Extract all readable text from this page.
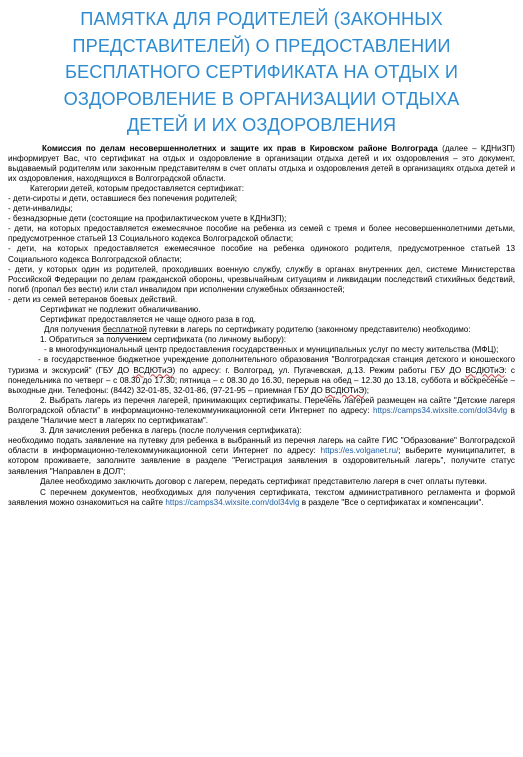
ПАМЯТКА ДЛЯ РОДИТЕЛЕЙ (ЗАКОННЫХ
ПРЕДСТАВИТЕЛЕЙ) О ПРЕДОСТАВЛЕНИИ
БЕСПЛАТНОГО СЕРТИФИКАТА НА ОТДЫХ И
ОЗДОРОВЛЕНИЕ В ОРГАНИЗАЦИИ ОТДЫХА
ДЕТЕЙ И ИХ ОЗДОРОВЛЕНИЯ

Комиссия по делам несовершеннолетних и защите их прав в Кировском районе Волгограда (далее – КДНиЗП) информирует Вас, что сертификат на отдых и оздоровление в организации отдыха детей и их оздоровления – это документ, выдаваемый родителям или законным представителям в счет оплаты отдыха и оздоровления детей в организациях отдыха детей и их оздоровления, находящихся в Волгоградской области.

Категории детей, которым предоставляется сертификат:

- дети-сироты и дети, оставшиеся без попечения родителей;

- дети-инвалиды;

- безнадзорные дети (состоящие на профилактическом учете в КДНиЗП);

- дети, на которых предоставляется ежемесячное пособие на ребенка из семей с тремя и более несовершеннолетними детьми, предусмотренное статьей 13 Социального кодекса Волгоградской области;

- дети, на которых предоставляется ежемесячное пособие на ребенка одинокого родителя, предусмотренное статьей 13 Социального кодекса Волгоградской области;

- дети, у которых один из родителей, проходивших военную службу, службу в органах внутренних дел, системе Министерства Российской Федерации по делам гражданской обороны, чрезвычайным ситуациям и ликвидации последствий стихийных бедствий, погиб (пропал без вести) или стал инвалидом при исполнении служебных обязанностей;

- дети из семей ветеранов боевых действий.

Сертификат не подлежит обналичиванию.

Сертификат предоставляется не чаще одного раза в год.

Для получения бесплатной путевки в лагерь по сертификату родителю (законному представителю) необходимо:

1. Обратиться за получением сертификата (по личному выбору):

- в многофункциональный центр предоставления государственных и муниципальных услуг по месту жительства (МФЦ);

- в государственное бюджетное учреждение дополнительного образования "Волгоградская станция детского и юношеского туризма и экскурсий" (ГБУ ДО ВСДЮТиЭ) по адресу: г. Волгоград, ул. Пугачевская, д.13. Режим работы ГБУ ДО ВСДЮТиЭ: с понедельника по четверг – с 08.30 до 17.30; пятница – с 08.30 до 16.30, перерыв на обед – 12.30 до 13.18, суббота и воскресенье – выходные дни. Телефоны: (8442) 32-01-85, 32-01-86, (97-21-95 – приемная ГБУ ДО ВСДЮТиЭ);

2. Выбрать лагерь из перечня лагерей, принимающих сертификаты. Перечень лагерей размещен на сайте "Детские лагеря Волгоградской области" в информационно-телекоммуникационной сети Интернет по адресу: https://camps34.wixsite.com/dol34vlg в разделе "Наличие мест в лагерях по сертификатам".

3. Для зачисления ребенка в лагерь (после получения сертификата):

необходимо подать заявление на путевку для ребенка в выбранный из перечня лагерь на сайте ГИС "Образование" Волгоградской области в информационно-телекоммуникационной сети Интернет по адресу: https://es.volganet.ru/; выберите муниципалитет, в котором проживаете, заполните заявление в разделе "Регистрация заявления в оздоровительный лагерь", получите статус заявления "Направлен в ДОЛ";

Далее необходимо заключить договор с лагерем, передать сертификат представителю лагеря в счет оплаты путевки.

С перечнем документов, необходимых для получения сертификата, текстом административного регламента и формой заявления можно ознакомиться на сайте https://camps34.wixsite.com/dol34vlg в разделе "Все о сертификатах и компенсации".
